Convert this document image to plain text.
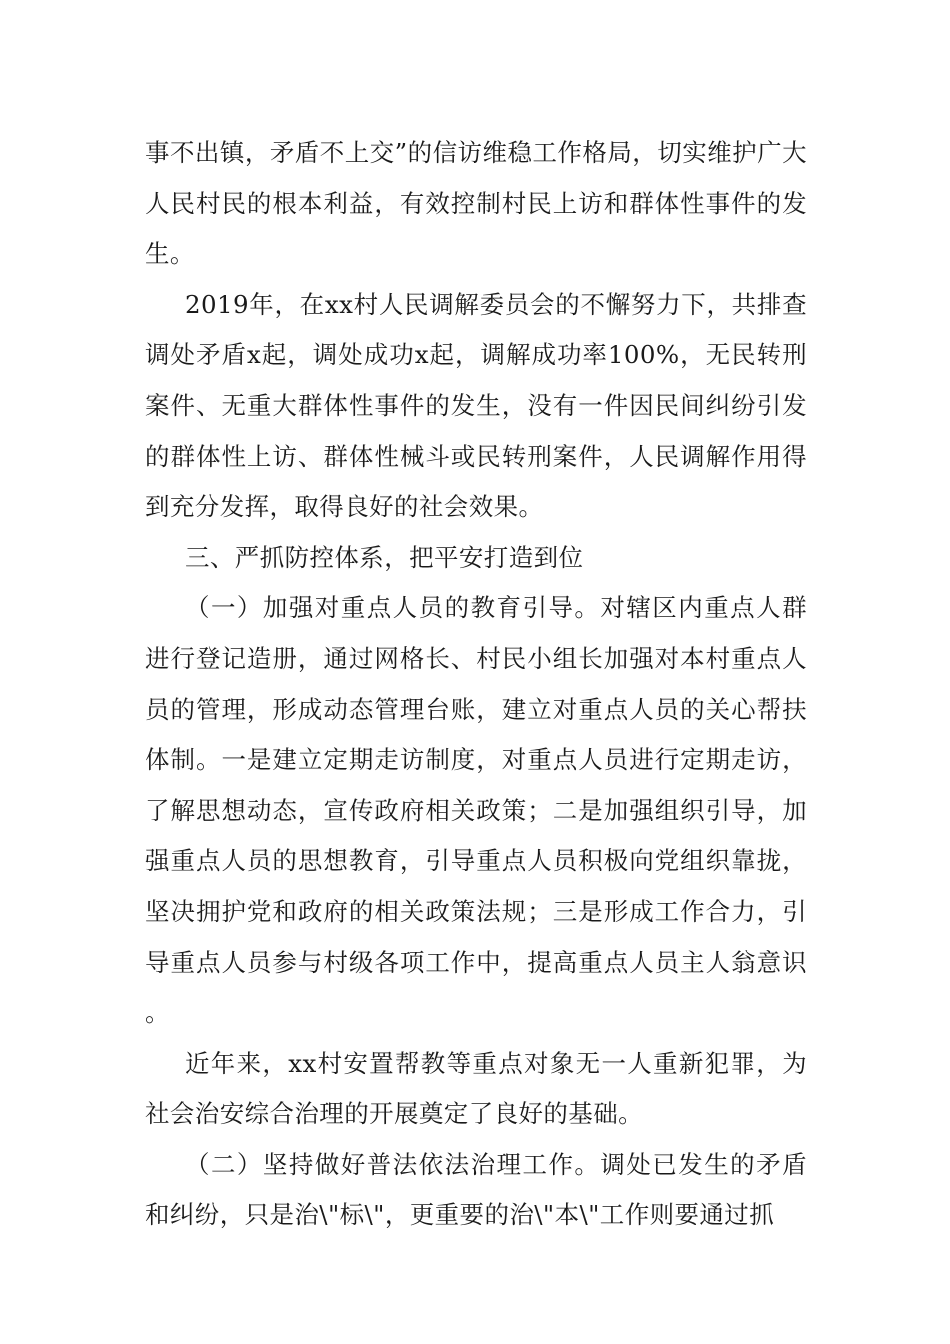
事不出镇，矛盾不上交”的信访维稳工作格局，切实维护广大人民村民的根本利益，有效控制村民上访和群体性事件的发生。

2019年，在xx村人民调解委员会的不懈努力下，共排查调处矛盾x起，调处成功x起，调解成功率100%，无民转刑案件、无重大群体性事件的发生，没有一件因民间纠纷引发的群体性上访、群体性械斗或民转刑案件，人民调解作用得到充分发挥，取得良好的社会效果。

三、严抓防控体系，把平安打造到位

（一）加强对重点人员的教育引导。对辖区内重点人群进行登记造册，通过网格长、村民小组长加强对本村重点人员的管理，形成动态管理台账，建立对重点人员的关心帮扶体制。一是建立定期走访制度，对重点人员进行定期走访，了解思想动态，宣传政府相关政策；二是加强组织引导，加强重点人员的思想教育，引导重点人员积极向党组织靠拢，坚决拥护党和政府的相关政策法规；三是形成工作合力，引导重点人员参与村级各项工作中，提高重点人员主人翁意识。

近年来，xx村安置帮教等重点对象无一人重新犯罪，为社会治安综合治理的开展奠定了良好的基础。

（二）坚持做好普法依法治理工作。调处已发生的矛盾和纠纷，只是治\"标\"，更重要的治\"本\"工作则要通过抓
